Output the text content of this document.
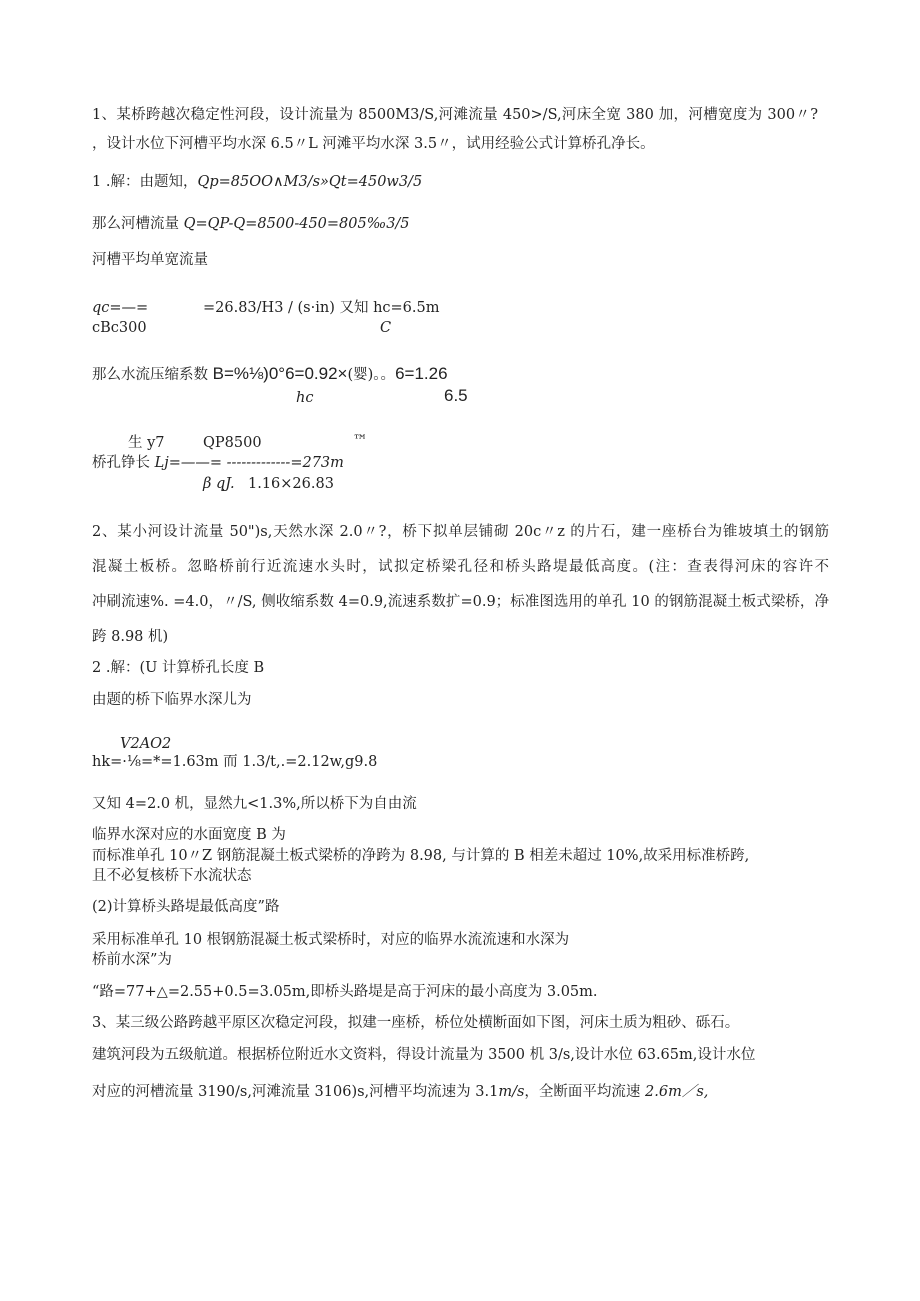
1、某桥跨越次稳定性河段，设计流量为 8500M3/S,河滩流量 450>/S,河床全宽 380 加，河槽宽度为 300〃?
，设计水位下河槽平均水深 6.5〃L 河滩平均水深 3.5〃，试用经验公式计算桥孔净长。
1 .解：由题知，Qp=85OO∧M3/s»Qt=450w3/5
那么河槽流量 Q=QP-Q=8500-450=805‰3/5
河槽平均单宽流量
qc=—=	=26.83/H3 / (s·in) 又知 hc=6.5m
cBc300	C
那么水流压缩系数 B=%⅛)0°6=0.92×(婴)。。6=1.26
hc	6.5
生 y7	QP8500	™
桥孔铮长 Lj=——= -------------=273m
β qJ. 1.16×26.83
2、某小河设计流量 50")s,天然水深 2.0〃?，桥下拟单层铺砌 20c〃z 的片石，建一座桥台为锥坡填土的钢筋
混凝土板桥。忽略桥前行近流速水头时，试拟定桥梁孔径和桥头路堤最低高度。(注：查表得河床的容许不
冲刷流速%. =4.0，〃/S, 侧收缩系数 4=0.9,流速系数扩=0.9；标准图选用的单孔 10 的钢筋混凝土板式梁桥，净
跨 8.98 机)
2 .解：(U 计算桥孔长度 B
由题的桥下临界水深儿为
V2AO2
hk=·⅛=*=1.63m 而 1.3∕t,.=2.12w,g9.8
又知 4=2.0 机，显然九<1.3%,所以桥下为自由流
临界水深对应的水面宽度 B 为
而标准单孔 10〃Z 钢筋混凝土板式梁桥的净跨为 8.98, 与计算的 B 相差未超过 10%,故采用标准桥跨,
且不必复核桥下水流状态
(2)计算桥头路堤最低高度”路
采用标准单孔 10 根钢筋混凝土板式梁桥时，对应的临界水流流速和水深为
桥前水深”为
“路=77+△=2.55+0.5=3.05m,即桥头路堤是高于河床的最小高度为 3.05m.
3、某三级公路跨越平原区次稳定河段，拟建一座桥，桥位处横断面如下图，河床土质为粗砂、砾石。
建筑河段为五级航道。根据桥位附近水文资料，得设计流量为 3500 机 3/s,设计水位 63.65m,设计水位
对应的河槽流量 3190∕s,河滩流量 3106)s,河槽平均流速为 3.1m/s，全断面平均流速 2.6m／s,
